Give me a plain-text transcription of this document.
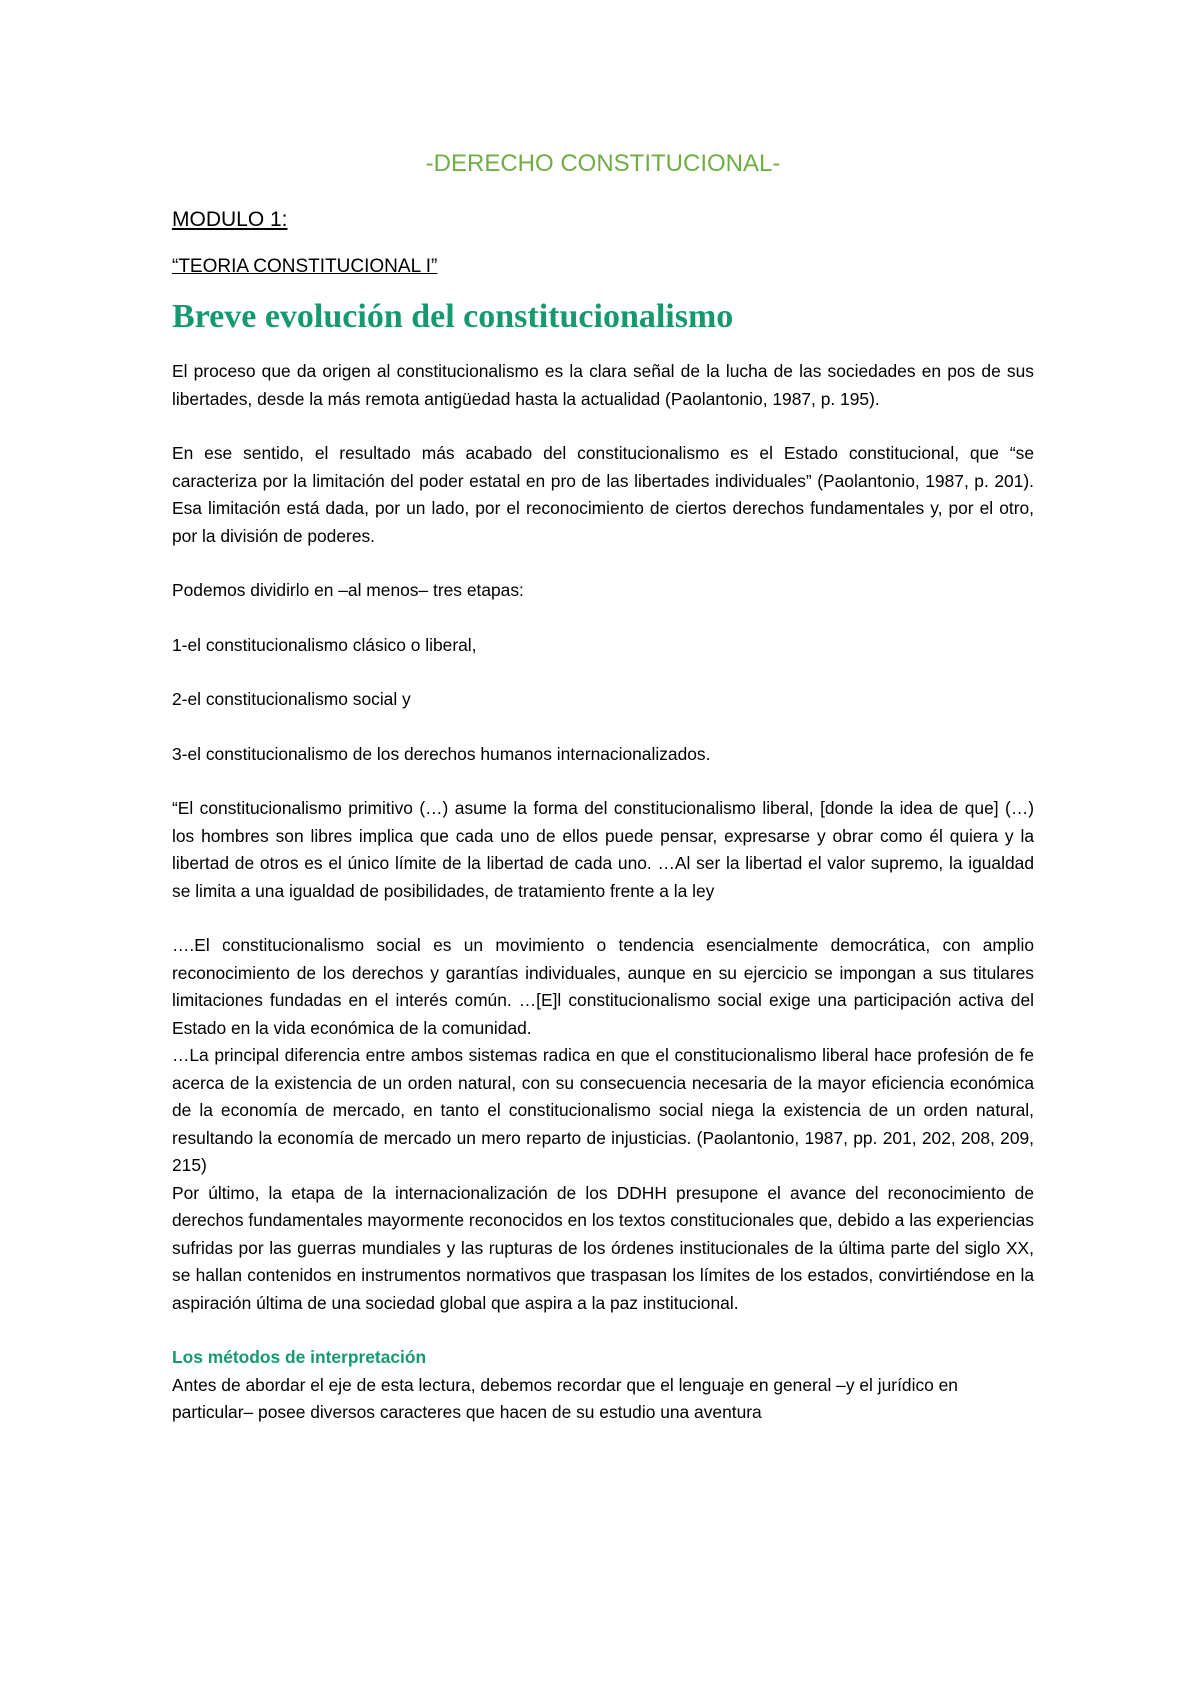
-DERECHO CONSTITUCIONAL-
MODULO 1:
“TEORIA CONSTITUCIONAL I”
Breve evolución del constitucionalismo

El proceso que da origen al constitucionalismo es la clara señal de la lucha de las sociedades en pos de sus libertades, desde la más remota antigüedad hasta la actualidad (Paolantonio, 1987, p. 195).

En ese sentido, el resultado más acabado del constitucionalismo es el Estado constitucional, que “se caracteriza por la limitación del poder estatal en pro de las libertades individuales” (Paolantonio, 1987, p. 201). Esa limitación está dada, por un lado, por el reconocimiento de ciertos derechos fundamentales y, por el otro, por la división de poderes.

Podemos dividirlo en –al menos– tres etapas:

1-el constitucionalismo clásico o liberal,

2-el constitucionalismo social y

3-el constitucionalismo de los derechos humanos internacionalizados.

“El constitucionalismo primitivo (…) asume la forma del constitucionalismo liberal, [donde la idea de que] (…) los hombres son libres implica que cada uno de ellos puede pensar, expresarse y obrar como él quiera y la libertad de otros es el único límite de la libertad de cada uno. …Al ser la libertad el valor supremo, la igualdad se limita a una igualdad de posibilidades, de tratamiento frente a la ley

….El constitucionalismo social es un movimiento o tendencia esencialmente democrática, con amplio reconocimiento de los derechos y garantías individuales, aunque en su ejercicio se impongan a sus titulares limitaciones fundadas en el interés común. …[E]l constitucionalismo social exige una participación activa del Estado en la vida económica de la comunidad.

…La principal diferencia entre ambos sistemas radica en que el constitucionalismo liberal hace profesión de fe acerca de la existencia de un orden natural, con su consecuencia necesaria de la mayor eficiencia económica de la economía de mercado, en tanto el constitucionalismo social niega la existencia de un orden natural, resultando la economía de mercado un mero reparto de injusticias. (Paolantonio, 1987, pp. 201, 202, 208, 209, 215)

Por último, la etapa de la internacionalización de los DDHH presupone el avance del reconocimiento de derechos fundamentales mayormente reconocidos en los textos constitucionales que, debido a las experiencias sufridas por las guerras mundiales y las rupturas de los órdenes institucionales de la última parte del siglo XX, se hallan contenidos en instrumentos normativos que traspasan los límites de los estados, convirtiéndose en la aspiración última de una sociedad global que aspira a la paz institucional.

Los métodos de interpretación

Antes de abordar el eje de esta lectura, debemos recordar que el lenguaje en general –y el jurídico en particular– posee diversos caracteres que hacen de su estudio una aventura
